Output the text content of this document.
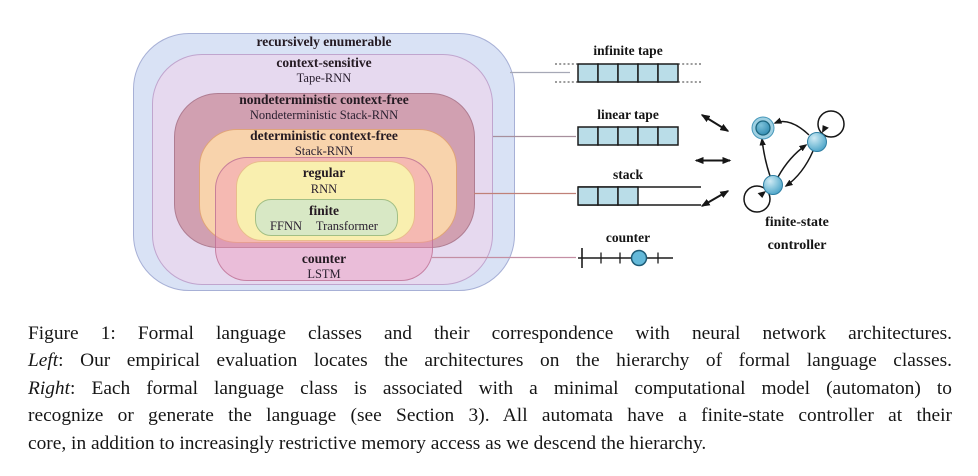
recursively enumerable
context-sensitive
Tape-RNN
nondeterministic context-free
Nondeterministic Stack-RNN
deterministic context-free
Stack-RNN
regular
RNN
finite
FFNN Transformer
counter
LSTM
infinite tape
linear tape
stack
counter
finite-state
controller
Figure 1: Formal language classes and their correspondence with neural network architectures.
Left: Our empirical evaluation locates the architectures on the hierarchy of formal language classes.
Right: Each formal language class is associated with a minimal computational model (automaton) to
recognize or generate the language (see Section 3). All automata have a finite-state controller at their
core, in addition to increasingly restrictive memory access as we descend the hierarchy.
